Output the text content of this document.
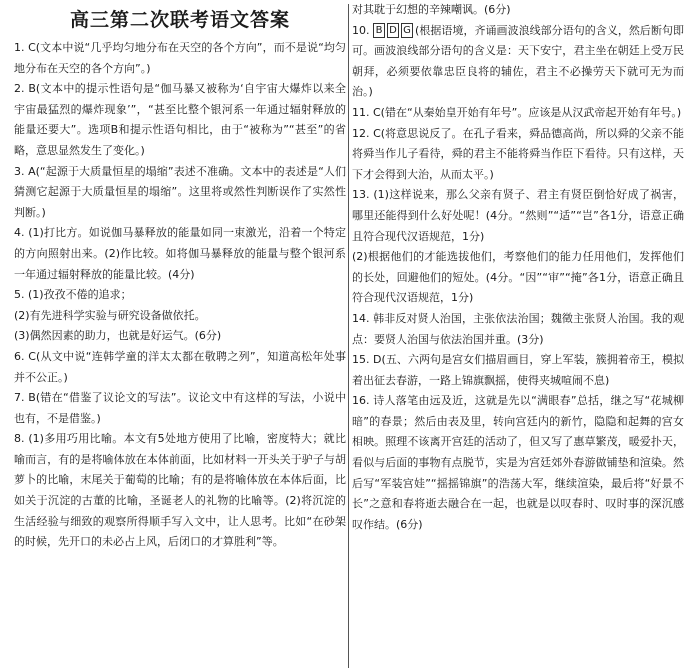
高三第二次联考语文答案
1. C(文本中说“几乎均匀地分布在天空的各个方向”，而不是说“均匀地分布在天空的各个方向”。)
2. B(文本中的提示性语句是“伽马暴又被称为‘自宇宙大爆炸以来全宇宙最猛烈的爆炸现象’”，“甚至比整个银河系一年通过辐射释放的能量还要大”。选项B和提示性语句相比，由于“被称为”“甚至”的省略，意思显然发生了变化。)
3. A(“起源于大质量恒星的塌缩”表述不准确。文本中的表述是“人们猜测它起源于大质量恒星的塌缩”。这里将或然性判断误作了实然性判断。)
4. (1)打比方。如说伽马暴释放的能量如同一束激光，沿着一个特定的方向照射出来。(2)作比较。如将伽马暴释放的能量与整个银河系一年通过辐射释放的能量比较。(4分)
5. (1)孜孜不倦的追求；
(2)有先进科学实验与研究设备做依托。
(3)偶然因素的助力，也就是好运气。(6分)
6. C(从文中说“连韩学童的洋太太都在敬聘之列”，知道高松年处事并不公正。)
7. B(错在“借鉴了议论文的写法”。议论文中有这样的写法，小说中也有，不是借鉴。)
8. (1)多用巧用比喻。本文有5处地方使用了比喻，密度特大；就比喻而言，有的是将喻体放在本体前面，比如材料一开头关于驴子与胡萝卜的比喻，末尾关于葡萄的比喻；有的是将喻体放在本体后面，比如关于沉淀的古董的比喻，圣诞老人的礼物的比喻等。(2)将沉淀的生活经验与细致的观察所得顺手写入文中，让人思考。比如“在砂架的时候，先开口的未必占上风，后闭口的才算胜利”等。
对其耽于幻想的辛辣嘲讽。(6分)
10. B D G (根据语境，齐诵画波浪线部分语句的含义，然后断句即可。画波浪线部分语句的含义是：天下安宁，君主坐在朝廷上受万民朝拜，必须要依靠忠臣良将的辅佐，君主不必操劳天下就可无为而治。)
11. C(错在“从秦始皇开始有年号”。应该是从汉武帝起开始有年号。)
12. C(将意思说反了。在孔子看来，舜品德高尚，所以舜的父亲不能将舜当作儿子看待，舜的君主不能将舜当作臣下看待。只有这样，天下才会得到大治，从而太平。)
13. (1)这样说来，那么父亲有贤子、君主有贤臣倒恰好成了祸害，哪里还能得到什么好处呢！(4分。“然则”“适”“岂”各1分，语意正确且符合现代汉语规范，1分)
(2)根据他们的才能选拔他们，考察他们的能力任用他们，发挥他们的长处，回避他们的短处。(4分。“因”“审”“掩”各1分，语意正确且符合现代汉语规范，1分)
14. 韩非反对贤人治国，主张依法治国；魏徵主张贤人治国。我的观点：要贤人治国与依法治国并重。(3分)
15. D(五、六两句是宫女们描眉画目，穿上军装，簇拥着帝王，模拟着出征去春游，一路上锦旗飘摇，使得夹城喧闹不息)
16. 诗人落笔由远及近，这就是先以“满眼春”总括，继之写“花城柳暗”的春景；然后由表及里，转向宫廷内的新竹，隐隐和起舞的宫女相映。照理不该离开宫廷的活动了，但又写了惠草繁茂，暖爱扑天，看似与后面的事物有点脱节，实是为宫廷郊外春游做铺垫和渲染。然后写“军装宫娃”“摇摇锦旗”的浩荡大军，继续渲染，最后将“好景不长”之意和春将逝去融合在一起，也就是以叹春时、叹时事的深沉感叹作结。(6分)
